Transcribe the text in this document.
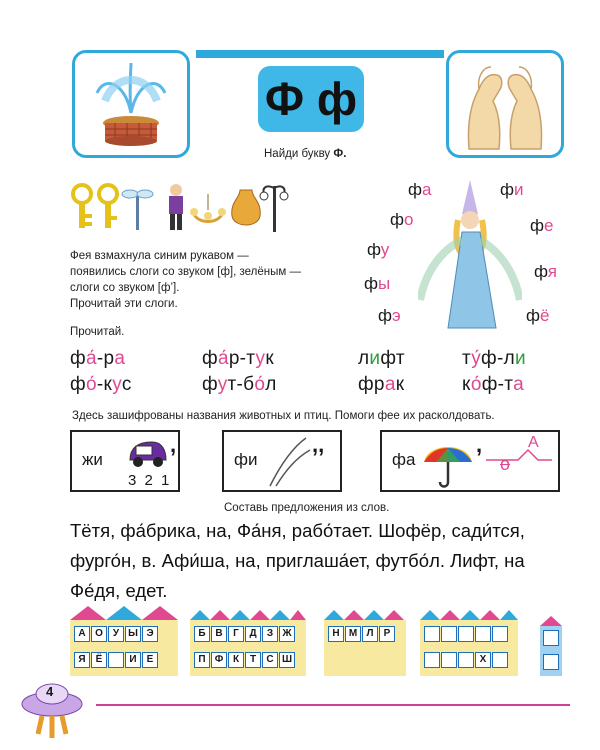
Ф ф
Найди букву Ф.
Фея взмахнула синим рукавом —
появились слоги со звуком [ф], зелёным —
слоги со звуком [ф’].
Прочитай эти слоги.
фа
фо
фу
фы
фэ
фи
фе
фя
фё
Прочитай.
фа́-ра	фа́р-тук	лифт	ту́ф-ли
фо́-кус	фут-бо́л	фрак	ко́ф-та
Здесь зашифрованы названия животных и птиц. Помоги фее их расколдовать.
жи
,
3 2 1
фи
,,
фа
,
о
А
Составь предложения из слов.
Тётя, фа́брика, на, Фа́ня, рабо́тает. Шофёр, сади́тся, фурго́н, в. Афи́ша, на, приглаша́ет, футбо́л. Лифт, на Фе́дя, едет.
А О У Ы Э
Я Ё	И Е
Б В Г Д З Ж
П Ф К Т С Ш
Н М Л Р
Х
4
